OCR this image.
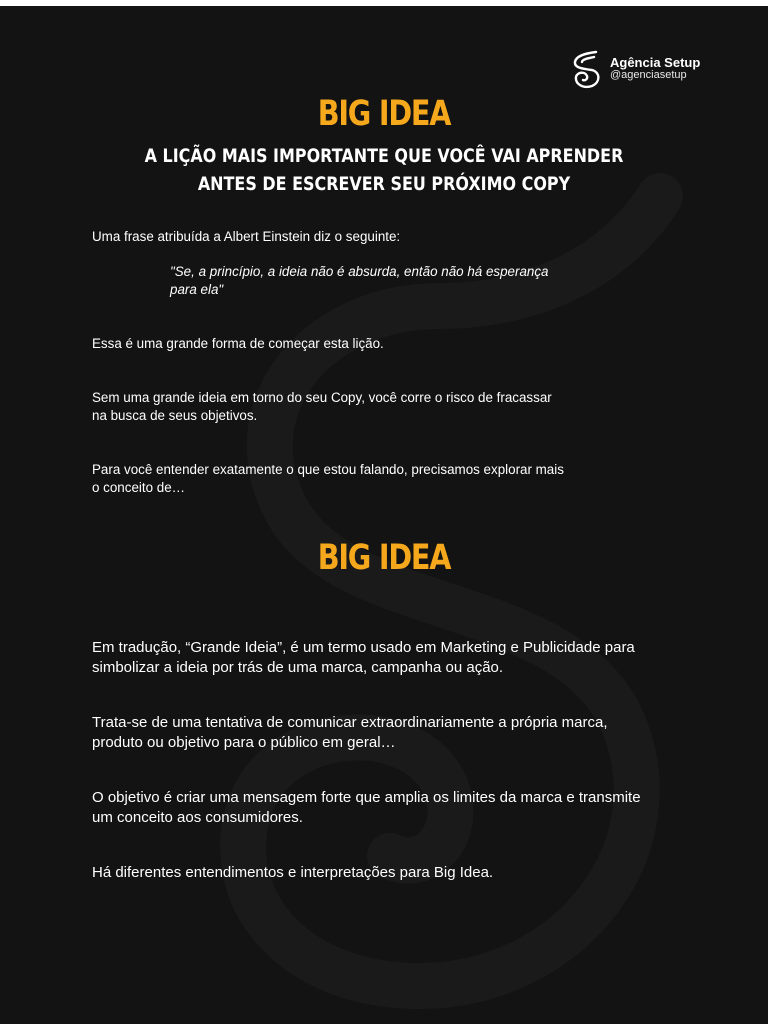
Agência Setup
@agenciasetup
BIG IDEA
A LIÇÃO MAIS IMPORTANTE QUE VOCÊ VAI APRENDER
ANTES DE ESCREVER SEU PRÓXIMO COPY
Uma frase atribuída a Albert Einstein diz o seguinte:
"Se, a princípio, a ideia não é absurda, então não há esperança
para ela"
Essa é uma grande forma de começar esta lição.
Sem uma grande ideia em torno do seu Copy, você corre o risco de fracassar
na busca de seus objetivos.
Para você entender exatamente o que estou falando, precisamos explorar mais
o conceito de…
BIG IDEA
Em tradução, “Grande Ideia”, é um termo usado em Marketing e Publicidade para
simbolizar a ideia por trás de uma marca, campanha ou ação.
Trata-se de uma tentativa de comunicar extraordinariamente a própria marca,
produto ou objetivo para o público em geral…
O objetivo é criar uma mensagem forte que amplia os limites da marca e transmite
um conceito aos consumidores.
Há diferentes entendimentos e interpretações para Big Idea.
